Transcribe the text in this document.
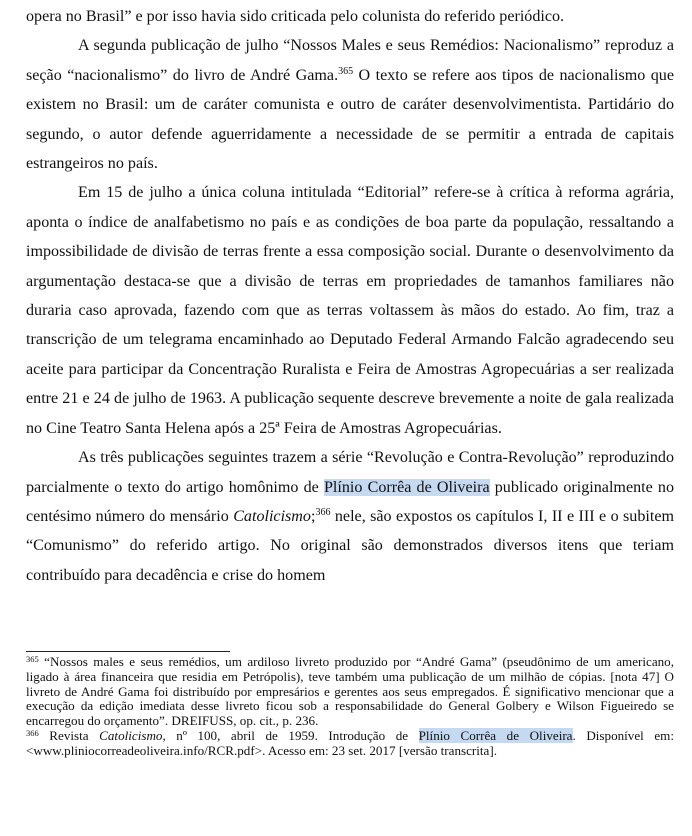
opera no Brasil” e por isso havia sido criticada pelo colunista do referido periódico.

A segunda publicação de julho “Nossos Males e seus Remédios: Nacionalismo” reproduz a seção “nacionalismo” do livro de André Gama.$^{365}$ O texto se refere aos tipos de nacionalismo que existem no Brasil: um de caráter comunista e outro de caráter desenvolvimentista. Partidário do segundo, o autor defende aguerridamente a necessidade de se permitir a entrada de capitais estrangeiros no país.

Em 15 de julho a única coluna intitulada “Editorial” refere-se à crítica à reforma agrária, aponta o índice de analfabetismo no país e as condições de boa parte da população, ressaltando a impossibilidade de divisão de terras frente a essa composição social. Durante o desenvolvimento da argumentação destaca-se que a divisão de terras em propriedades de tamanhos familiares não duraria caso aprovada, fazendo com que as terras voltassem às mãos do estado. Ao fim, traz a transcrição de um telegrama encaminhado ao Deputado Federal Armando Falcão agradecendo seu aceite para participar da Concentração Ruralista e Feira de Amostras Agropecuárias a ser realizada entre 21 e 24 de julho de 1963. A publicação sequente descreve brevemente a noite de gala realizada no Cine Teatro Santa Helena após a 25ª Feira de Amostras Agropecuárias.

As três publicações seguintes trazem a série “Revolução e Contra-Revolução” reproduzindo parcialmente o texto do artigo homônimo de Plínio Corrêa de Oliveira publicado originalmente no centésimo número do mensário Catolicismo;$^{366}$ nele, são expostos os capítulos I, II e III e o subitem “Comunismo” do referido artigo. No original são demonstrados diversos itens que teriam contribuído para decadência e crise do homem

$^{365}$ “Nossos males e seus remédios, um ardiloso livreto produzido por “André Gama” (pseudônimo de um americano, ligado à área financeira que residia em Petrópolis), teve também uma publicação de um milhão de cópias. [nota 47] O livreto de André Gama foi distribuído por empresários e gerentes aos seus empregados. É significativo mencionar que a execução da edição imediata desse livreto ficou sob a responsabilidade do General Golbery e Wilson Figueiredo se encarregou do orçamento”. DREIFUSS, op. cit., p. 236.

$^{366}$ Revista Catolicismo, nº 100, abril de 1959. Introdução de Plínio Corrêa de Oliveira. Disponível em: <www.pliniocorreadeoliveira.info/RCR.pdf>. Acesso em: 23 set. 2017 [versão transcrita].
